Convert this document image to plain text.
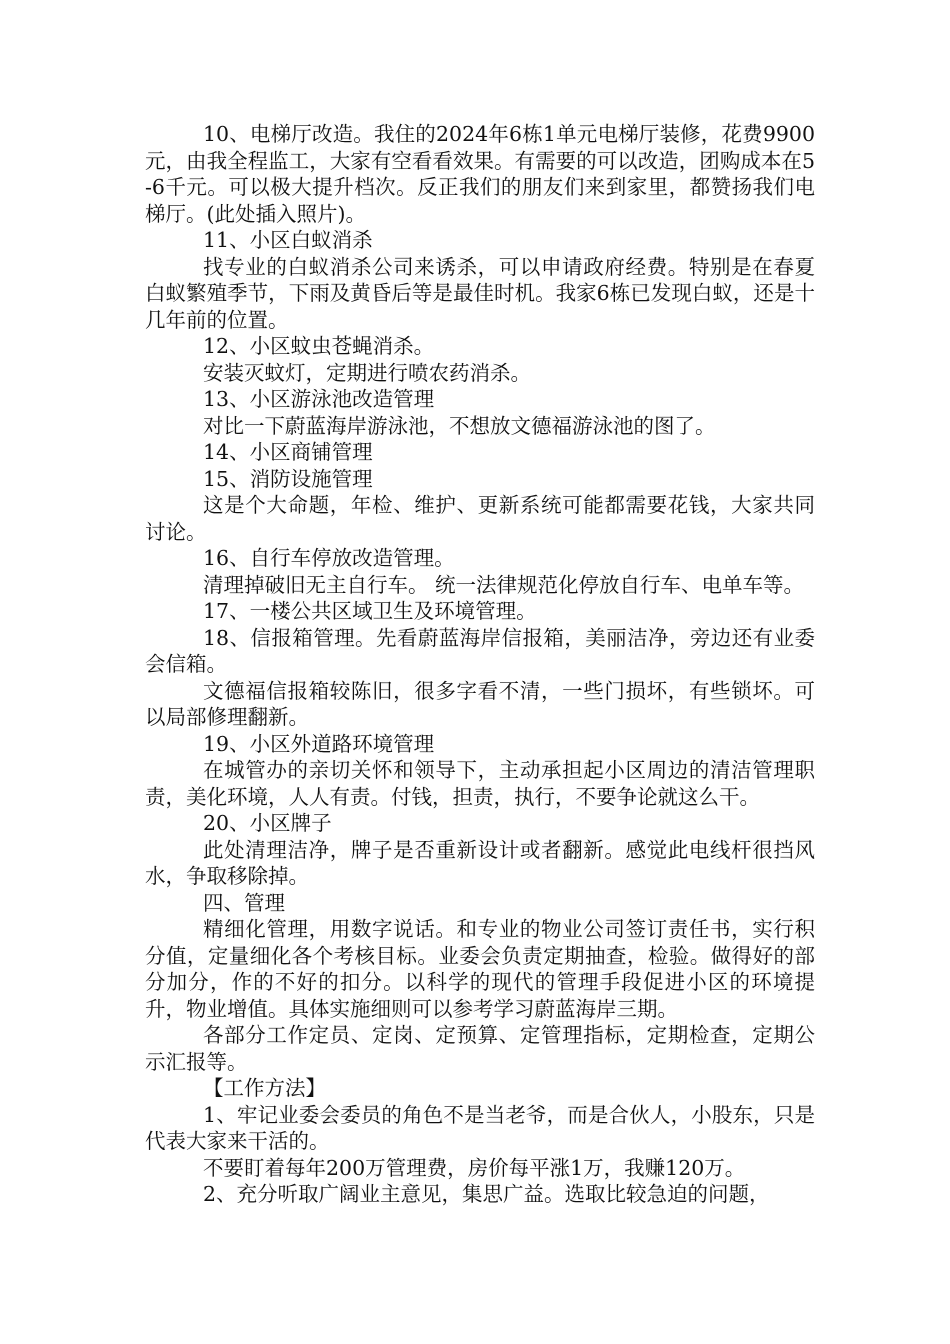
10、电梯厅改造。我住的2024年6栋1单元电梯厅装修，花费9900元，由我全程监工，大家有空看看效果。有需要的可以改造，团购成本在5-6千元。可以极大提升档次。反正我们的朋友们来到家里，都赞扬我们电梯厅。(此处插入照片)。

11、小区白蚁消杀

找专业的白蚁消杀公司来诱杀，可以申请政府经费。特别是在春夏白蚁繁殖季节，下雨及黄昏后等是最佳时机。我家6栋已发现白蚁，还是十几年前的位置。

12、小区蚊虫苍蝇消杀。

安装灭蚊灯，定期进行喷农药消杀。

13、小区游泳池改造管理

对比一下蔚蓝海岸游泳池，不想放文德福游泳池的图了。

14、小区商铺管理

15、消防设施管理

这是个大命题，年检、维护、更新系统可能都需要花钱，大家共同讨论。

16、自行车停放改造管理。

清理掉破旧无主自行车。 统一法律规范化停放自行车、电单车等。

17、一楼公共区域卫生及环境管理。

18、信报箱管理。先看蔚蓝海岸信报箱，美丽洁净，旁边还有业委会信箱。

文德福信报箱较陈旧，很多字看不清，一些门损坏，有些锁坏。可以局部修理翻新。

19、小区外道路环境管理

在城管办的亲切关怀和领导下，主动承担起小区周边的清洁管理职责，美化环境，人人有责。付钱，担责，执行，不要争论就这么干。

20、小区牌子

此处清理洁净，牌子是否重新设计或者翻新。感觉此电线杆很挡风水，争取移除掉。

四、管理

精细化管理，用数字说话。和专业的物业公司签订责任书，实行积分值，定量细化各个考核目标。业委会负责定期抽查，检验。做得好的部分加分，作的不好的扣分。以科学的现代的管理手段促进小区的环境提升，物业增值。具体实施细则可以参考学习蔚蓝海岸三期。

各部分工作定员、定岗、定预算、定管理指标，定期检查，定期公示汇报等。

【工作方法】

1、牢记业委会委员的角色不是当老爷，而是合伙人，小股东，只是代表大家来干活的。

不要盯着每年200万管理费，房价每平涨1万，我赚120万。

2、充分听取广阔业主意见，集思广益。选取比较急迫的问题，
